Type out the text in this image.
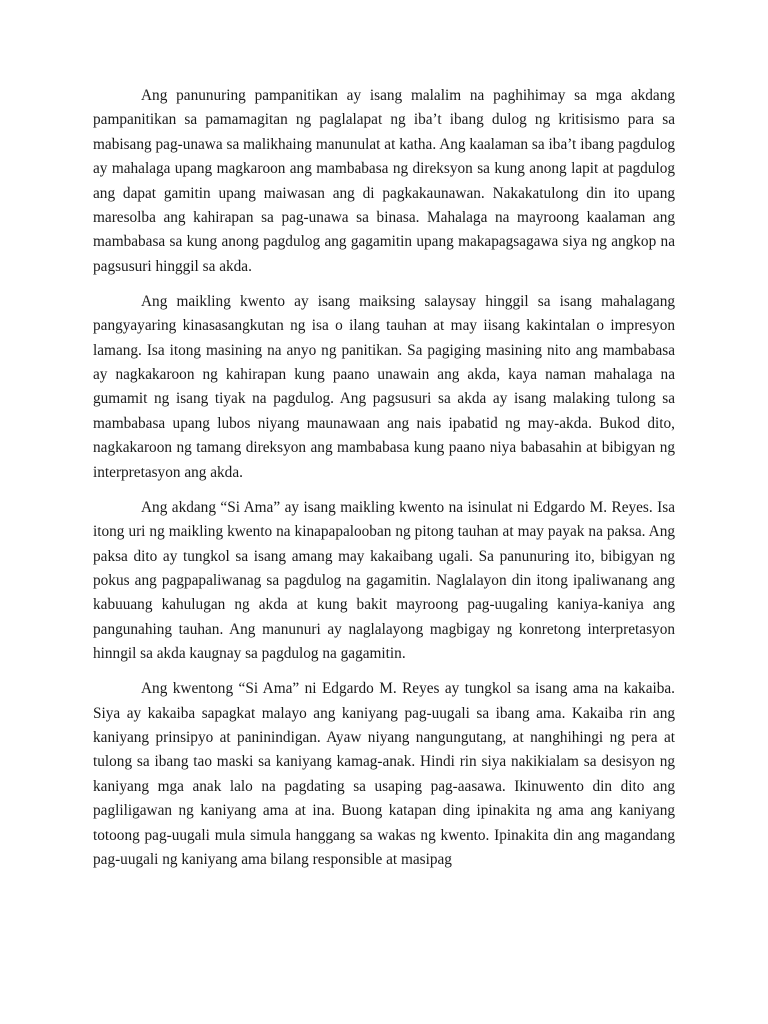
Ang panunuring pampanitikan ay isang malalim na paghihimay sa mga akdang pampanitikan sa pamamagitan ng paglalapat ng iba’t ibang dulog ng kritisismo para sa mabisang pag-unawa sa malikhaing manunulat at katha. Ang kaalaman sa iba’t ibang pagdulog ay mahalaga upang magkaroon ang mambabasa ng direksyon sa kung anong lapit at pagdulog ang dapat gamitin upang maiwasan ang di pagkakaunawan. Nakakatulong din ito upang maresolba ang kahirapan sa pag-unawa sa binasa. Mahalaga na mayroong kaalaman ang mambabasa sa kung anong pagdulog ang gagamitin upang makapagsagawa siya ng angkop na pagsusuri hinggil sa akda.

Ang maikling kwento ay isang maiksing salaysay hinggil sa isang mahalagang pangyayaring kinasasangkutan ng isa o ilang tauhan at may iisang kakintalan o impresyon lamang. Isa itong masining na anyo ng panitikan. Sa pagiging masining nito ang mambabasa ay nagkakaroon ng kahirapan kung paano unawain ang akda, kaya naman mahalaga na gumamit ng isang tiyak na pagdulog. Ang pagsusuri sa akda ay isang malaking tulong sa mambabasa upang lubos niyang maunawaan ang nais ipabatid ng may-akda. Bukod dito, nagkakaroon ng tamang direksyon ang mambabasa kung paano niya babasahin at bibigyan ng interpretasyon ang akda.

Ang akdang “Si Ama” ay isang maikling kwento na isinulat ni Edgardo M. Reyes. Isa itong uri ng maikling kwento na kinapapalooban ng pitong tauhan at may payak na paksa. Ang paksa dito ay tungkol sa isang amang may kakaibang ugali. Sa panunuring ito, bibigyan ng pokus ang pagpapaliwanag sa pagdulog na gagamitin. Naglalayon din itong ipaliwanang ang kabuuang kahulugan ng akda at kung bakit mayroong pag-uugaling kaniya-kaniya ang pangunahing tauhan. Ang manunuri ay naglalayong magbigay ng konretong interpretasyon hinngil sa akda kaugnay sa pagdulog na gagamitin.

Ang kwentong “Si Ama” ni Edgardo M. Reyes ay tungkol sa isang ama na kakaiba. Siya ay kakaiba sapagkat malayo ang kaniyang pag-uugali sa ibang ama. Kakaiba rin ang kaniyang prinsipyo at paninindigan. Ayaw niyang nangungutang, at nanghihingi ng pera at tulong sa ibang tao maski sa kaniyang kamag-anak. Hindi rin siya nakikialam sa desisyon ng kaniyang mga anak lalo na pagdating sa usaping pag-aasawa. Ikinuwento din dito ang pagliligawan ng kaniyang ama at ina. Buong katapan ding ipinakita ng ama ang kaniyang totoong pag-uugali mula simula hanggang sa wakas ng kwento. Ipinakita din ang magandang pag-uugali ng kaniyang ama bilang responsible at masipag
